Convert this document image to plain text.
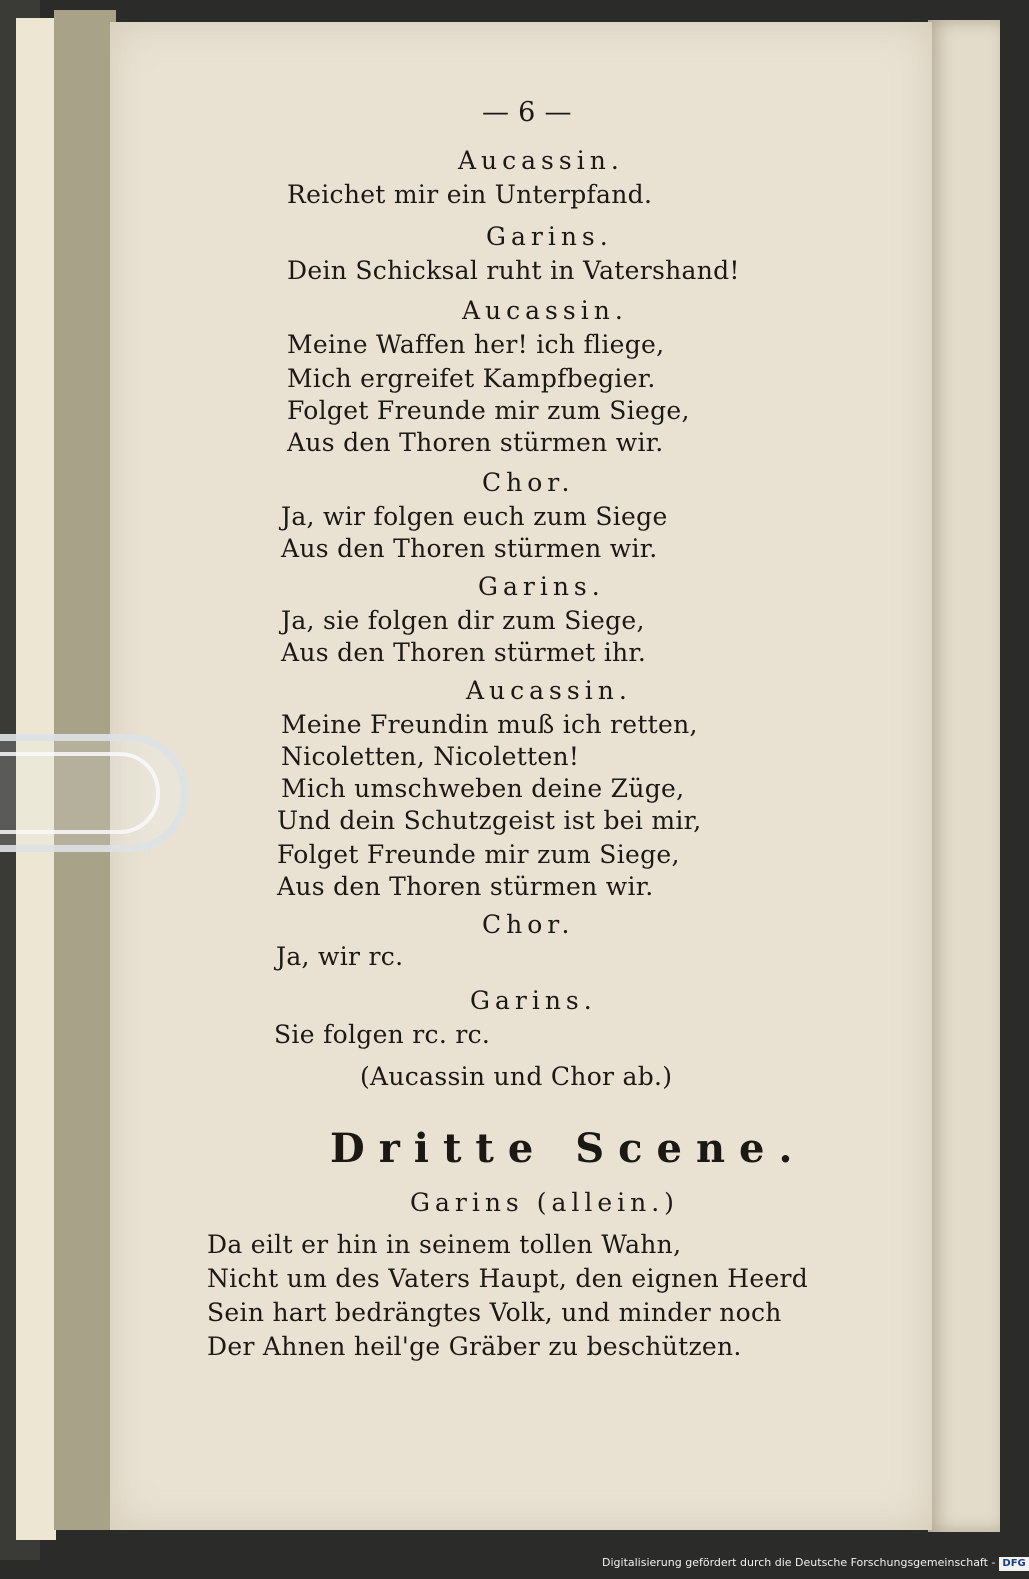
— 6 —
Aucassin.
Reichet mir ein Unterpfand.
Garins.
Dein Schicksal ruht in Vatershand!
Aucassin.
Meine Waffen her! ich fliege,
Mich ergreifet Kampfbegier.
Folget Freunde mir zum Siege,
Aus den Thoren stürmen wir.
Chor.
Ja, wir folgen euch zum Siege
Aus den Thoren stürmen wir.
Garins.
Ja, sie folgen dir zum Siege,
Aus den Thoren stürmet ihr.
Aucassin.
Meine Freundin muß ich retten,
Nicoletten, Nicoletten!
Mich umschweben deine Züge,
Und dein Schutzgeist ist bei mir,
Folget Freunde mir zum Siege,
Aus den Thoren stürmen wir.
Chor.
Ja, wir rc.
Garins.
Sie folgen rc. rc.
(Aucassin und Chor ab.)
Dritte Scene.
Garins (allein.)
Da eilt er hin in seinem tollen Wahn,
Nicht um des Vaters Haupt, den eignen Heerd
Sein hart bedrängtes Volk, und minder noch
Der Ahnen heil'ge Gräber zu beschützen.
Digitalisierung gefördert durch die Deutsche Forschungsgemeinschaft - DFG
